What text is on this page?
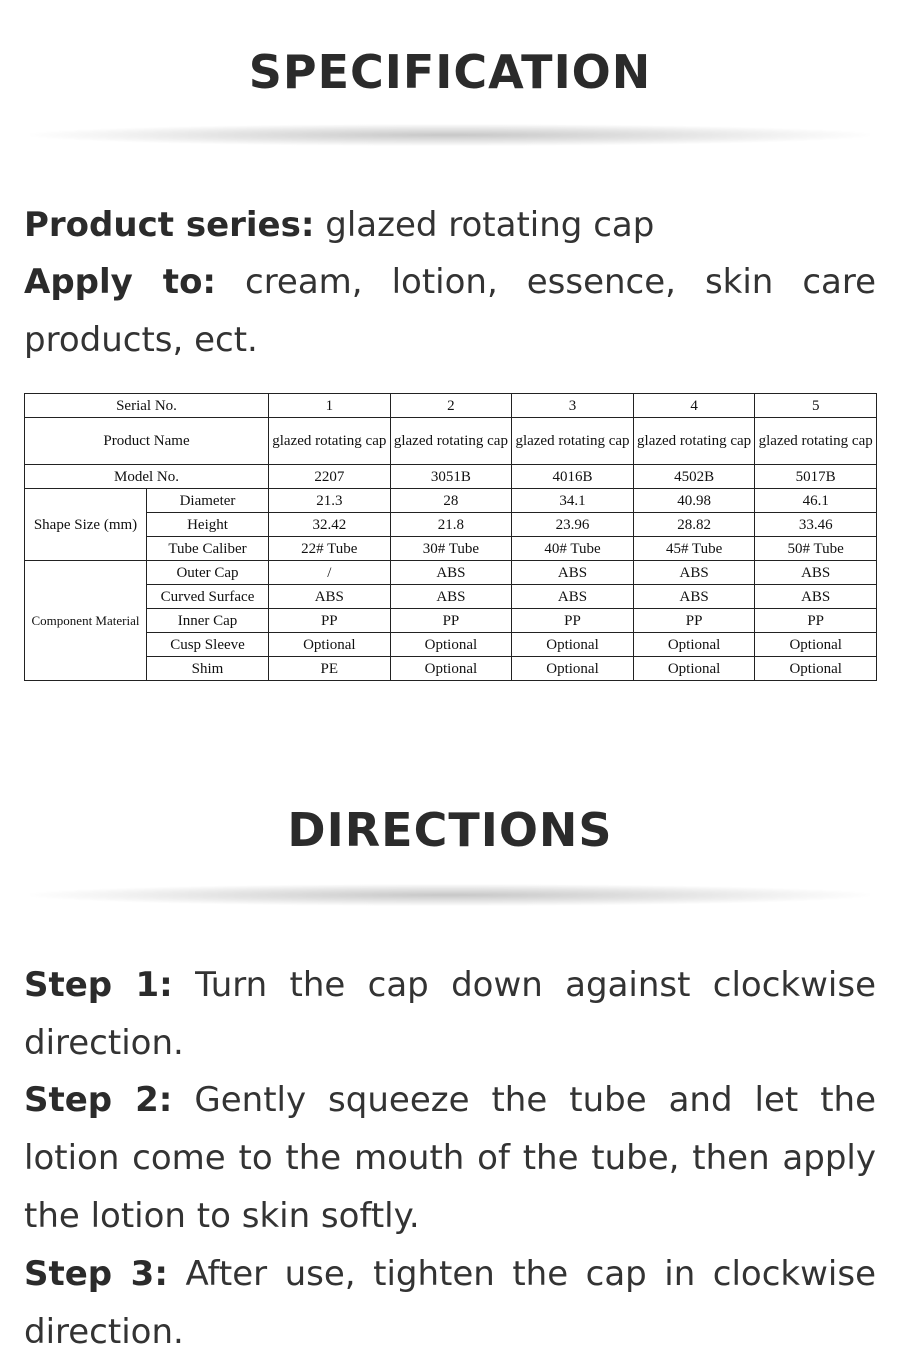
SPECIFICATION

Product series: glazed rotating cap

Apply to: cream, lotion, essence, skin care products, ect.

Serial No.		1	2	3	4	5
Product Name		glazed rotating cap	glazed rotating cap	glazed rotating cap	glazed rotating cap	glazed rotating cap
Model No.		2207	3051B	4016B	4502B	5017B
Shape Size (mm)	Diameter	21.3	28	34.1	40.98	46.1
	Height	32.42	21.8	23.96	28.82	33.46
	Tube Caliber	22# Tube	30# Tube	40# Tube	45# Tube	50# Tube
Component Material	Outer Cap	/	ABS	ABS	ABS	ABS
	Curved Surface	ABS	ABS	ABS	ABS	ABS
	Inner Cap	PP	PP	PP	PP	PP
	Cusp Sleeve	Optional	Optional	Optional	Optional	Optional
	Shim	PE	Optional	Optional	Optional	Optional
DIRECTIONS

Step 1: Turn the cap down against clockwise direction.

Step 2: Gently squeeze the tube and let the lotion come to the mouth of the tube, then apply the lotion to skin softly.

Step 3: After use, tighten the cap in clockwise direction.
